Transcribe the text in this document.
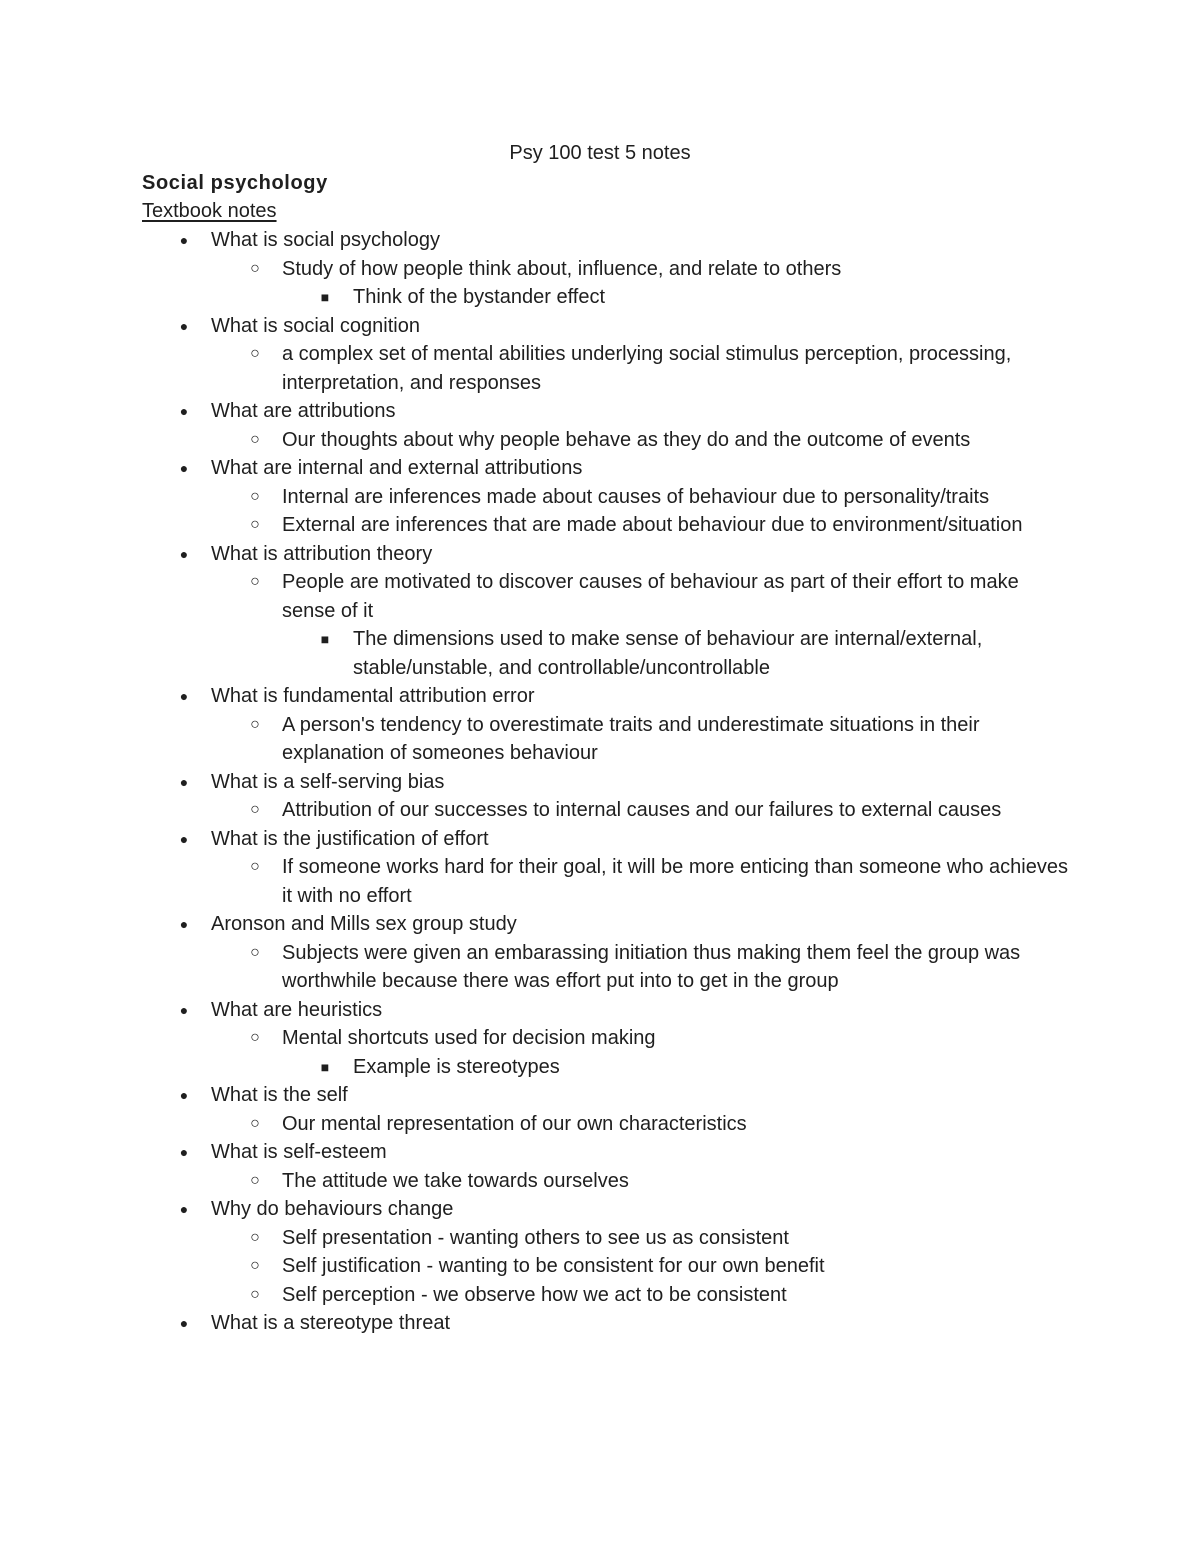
Psy 100 test 5 notes
Social psychology
Textbook notes
● What is social psychology
○ Study of how people think about, influence, and relate to others
■ Think of the bystander effect
● What is social cognition
○ a complex set of mental abilities underlying social stimulus perception, processing, interpretation, and responses
● What are attributions
○ Our thoughts about why people behave as they do and the outcome of events
● What are internal and external attributions
○ Internal are inferences made about causes of behaviour due to personality/traits
○ External are inferences that are made about behaviour due to environment/situation
● What is attribution theory
○ People are motivated to discover causes of behaviour as part of their effort to make sense of it
■ The dimensions used to make sense of behaviour are internal/external, stable/unstable, and controllable/uncontrollable
● What is fundamental attribution error
○ A person's tendency to overestimate traits and underestimate situations in their explanation of someones behaviour
● What is a self-serving bias
○ Attribution of our successes to internal causes and our failures to external causes
● What is the justification of effort
○ If someone works hard for their goal, it will be more enticing than someone who achieves it with no effort
● Aronson and Mills sex group study
○ Subjects were given an embarassing initiation thus making them feel the group was worthwhile because there was effort put into to get in the group
● What are heuristics
○ Mental shortcuts used for decision making
■ Example is stereotypes
● What is the self
○ Our mental representation of our own characteristics
● What is self-esteem
○ The attitude we take towards ourselves
● Why do behaviours change
○ Self presentation - wanting others to see us as consistent
○ Self justification - wanting to be consistent for our own benefit
○ Self perception - we observe how we act to be consistent
● What is a stereotype threat
